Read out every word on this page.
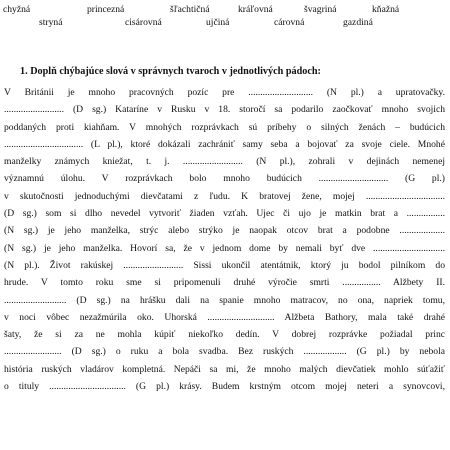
chyžná	princezná	šľachtičná	kráľovná	švagriná	kňažná
stryná	cisárovná	ujčiná	cárovná	gazdiná
1. Doplň chýbajúce slová v správnych tvaroch v jednotlivých pádoch:
V Británii je mnoho pracovných pozíc pre ........................... (N pl.) a upratovačky.
......................... (D sg.) Kataríne v Rusku v 18. storočí sa podarilo zaočkovať mnoho svojich
poddaných proti kiahňam. V mnohých rozprávkach sú príbehy o silných ženách – budúcich
................................. (L pl.), ktoré dokázali zachrániť samy seba a bojovať za svoje ciele. Mnohé
manželky známych kniežat, t. j. ......................... (N pl.), zohrali v dejinách nemenej
významnú úlohu. V rozprávkach bolo mnoho budúcich ............................. (G pl.)
v skutočnosti jednoduchými dievčatami z ľudu. K bratovej žene, mojej .................................
(D sg.) som si dlho nevedel vytvoriť žiaden vzťah. Ujec či ujo je matkin brat a ................
(N sg.) je jeho manželka, strýc alebo strýko je naopak otcov brat a podobne ...................
(N sg.) je jeho manželka. Hovorí sa, že v jednom dome by nemali byť dve ..............................
(N pl.). Život rakúskej ......................... Sissi ukončil atentátnik, ktorý ju bodol pilníkom do
hrude. V tomto roku sme si pripomenuli druhé výročie smrti ................ Alžbety II.
.......................... (D sg.) na hrášku dali na spanie mnoho matracov, no ona, napriek tomu,
v noci vôbec nezažmúrila oko. Uhorská ............................ Alžbeta Bathory, mala také drahé
šaty, že si za ne mohla kúpiť niekoľko dedín. V dobrej rozprávke požiadal princ
........................ (D sg.) o ruku a bola svadba. Bez ruských .................. (G pl.) by nebola
história ruských vladárov kompletná. Nepáči sa mi, že mnoho malých dievčatiek mohlo súťažiť
o tituly ................................ (G pl.) krásy. Budem krstným otcom mojej neteri a synovcovi,
